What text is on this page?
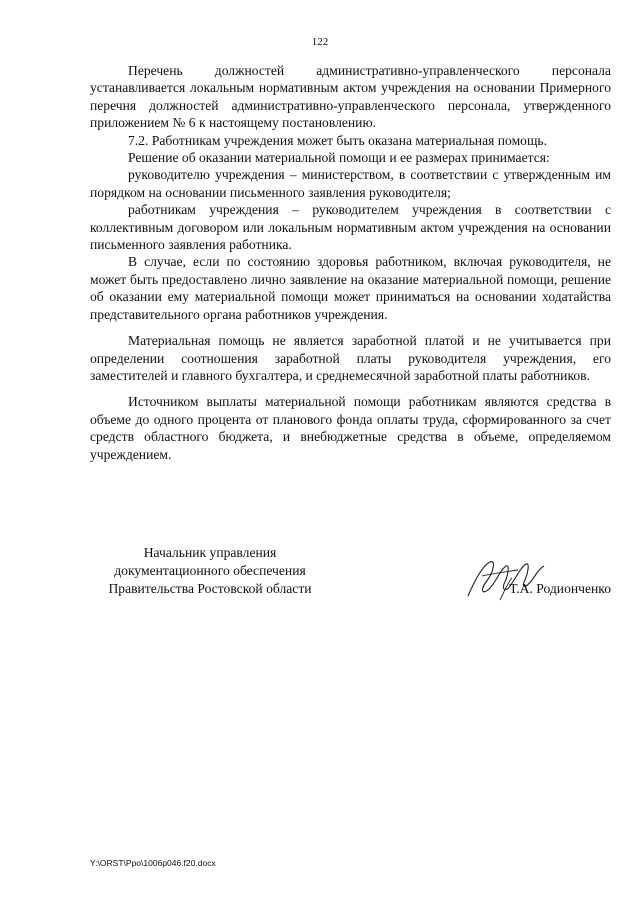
122

Перечень должностей административно-управленческого персонала устанавливается локальным нормативным актом учреждения на основании Примерного перечня должностей административно-управленческого персонала, утвержденного приложением № 6 к настоящему постановлению.

7.2. Работникам учреждения может быть оказана материальная помощь.

Решение об оказании материальной помощи и ее размерах принимается:

руководителю учреждения – министерством, в соответствии с утвержденным им порядком на основании письменного заявления руководителя;

работникам учреждения – руководителем учреждения в соответствии с коллективным договором или локальным нормативным актом учреждения на основании письменного заявления работника.

В случае, если по состоянию здоровья работником, включая руководителя, не может быть предоставлено лично заявление на оказание материальной помощи, решение об оказании ему материальной помощи может приниматься на основании ходатайства представительного органа работников учреждения.

Материальная помощь не является заработной платой и не учитывается при определении соотношения заработной платы руководителя учреждения, его заместителей и главного бухгалтера, и среднемесячной заработной платы работников.

Источником выплаты материальной помощи работникам являются средства в объеме до одного процента от планового фонда оплаты труда, сформированного за счет средств областного бюджета, и внебюджетные средства в объеме, определяемом учреждением.

Начальник управления
документационного обеспечения
Правительства Ростовской области	Т.А. Родионченко
Y:\ORST\Ppo\1006p046.f20.docx
